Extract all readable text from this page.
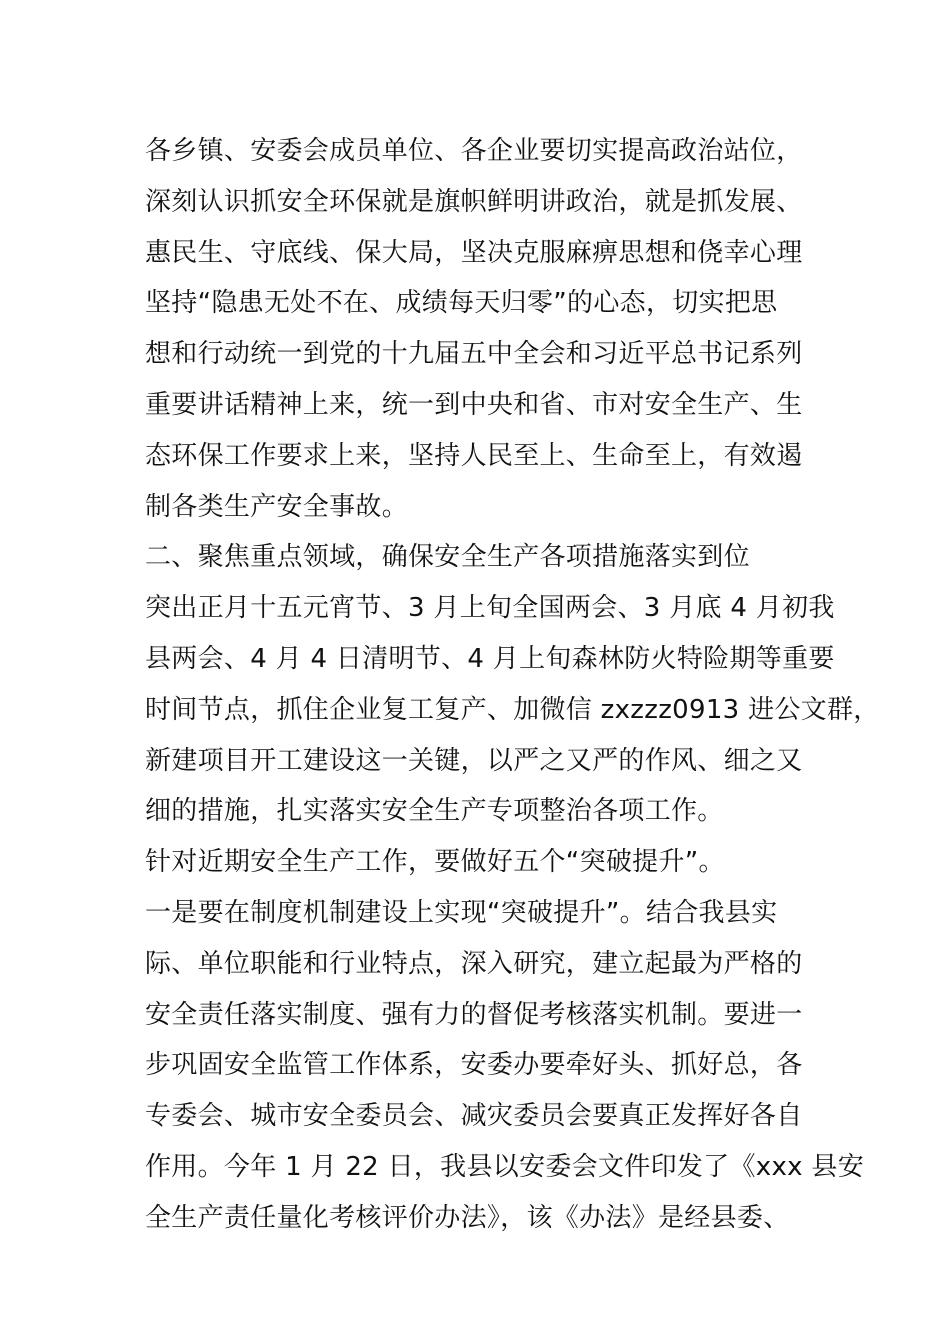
各乡镇、安委会成员单位、各企业要切实提高政治站位，
深刻认识抓安全环保就是旗帜鲜明讲政治，就是抓发展、
惠民生、守底线、保大局，坚决克服麻痹思想和侥幸心理
坚持“隐患无处不在、成绩每天归零”的心态，切实把思
想和行动统一到党的十九届五中全会和习近平总书记系列
重要讲话精神上来，统一到中央和省、市对安全生产、生
态环保工作要求上来，坚持人民至上、生命至上，有效遏
制各类生产安全事故。
二、聚焦重点领域，确保安全生产各项措施落实到位
突出正月十五元宵节、3 月上旬全国两会、3 月底 4 月初我
县两会、4 月 4 日清明节、4 月上旬森林防火特险期等重要
时间节点，抓住企业复工复产、加微信 zxzzz0913 进公文群，
新建项目开工建设这一关键，以严之又严的作风、细之又
细的措施，扎实落实安全生产专项整治各项工作。
针对近期安全生产工作，要做好五个“突破提升”。
一是要在制度机制建设上实现“突破提升”。结合我县实
际、单位职能和行业特点，深入研究，建立起最为严格的
安全责任落实制度、强有力的督促考核落实机制。要进一
步巩固安全监管工作体系，安委办要牵好头、抓好总，各
专委会、城市安全委员会、减灾委员会要真正发挥好各自
作用。今年 1 月 22 日，我县以安委会文件印发了《xxx 县安
全生产责任量化考核评价办法》，该《办法》是经县委、
